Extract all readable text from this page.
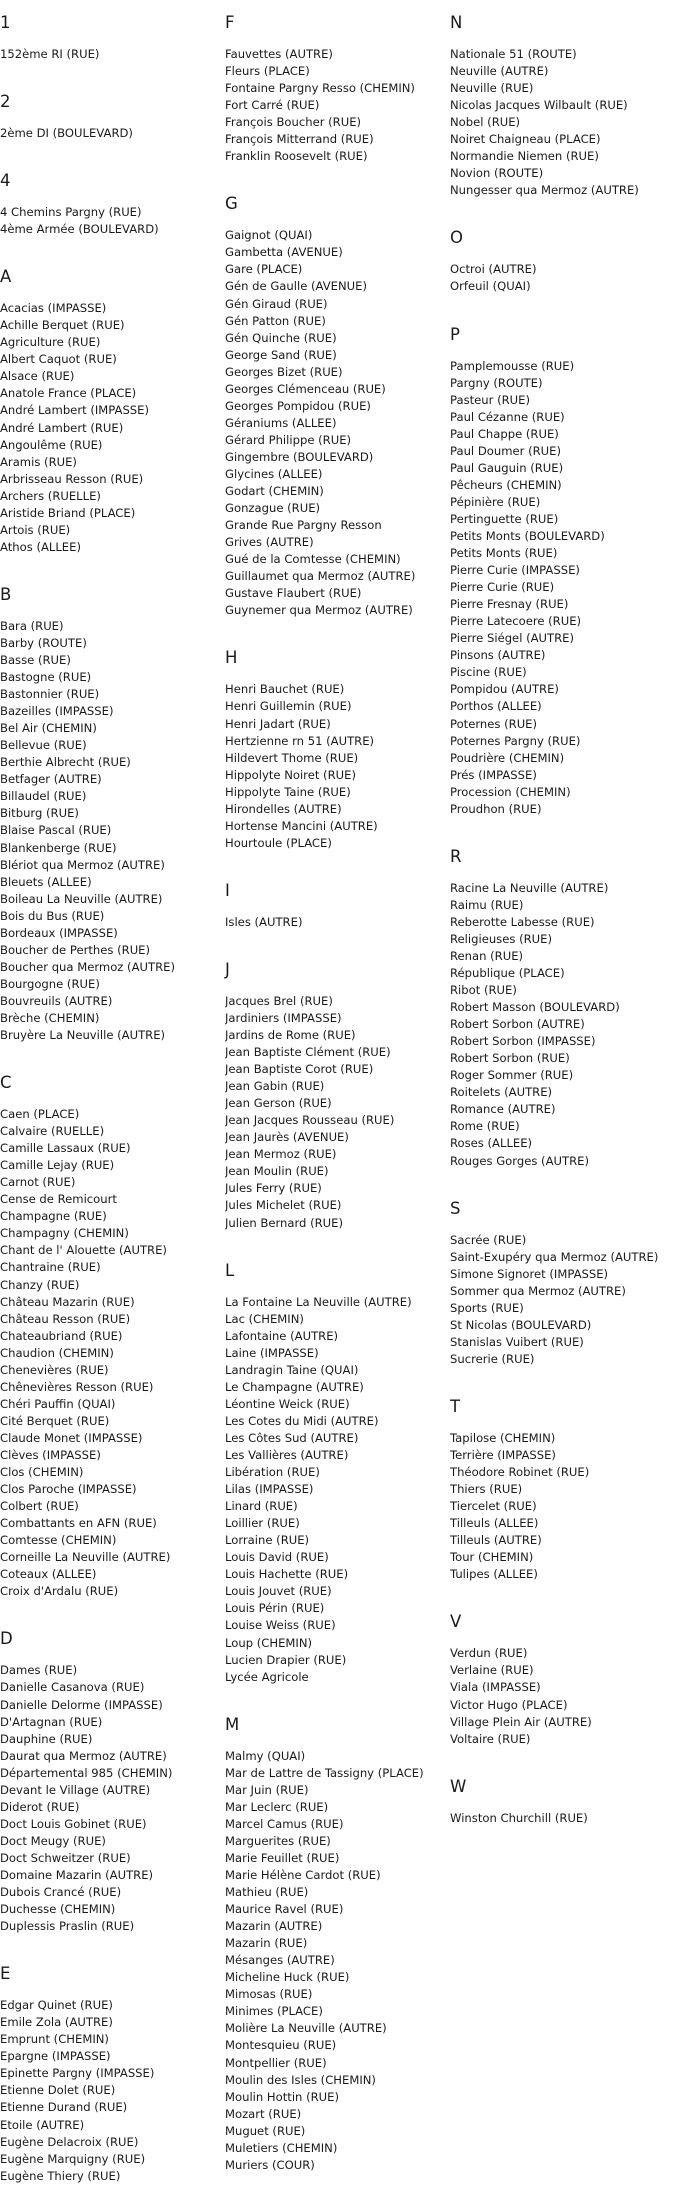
1
152ème RI (RUE)
2
2ème DI (BOULEVARD)
4
4 Chemins Pargny (RUE)
4ème Armée (BOULEVARD)
A
Acacias (IMPASSE)
Achille Berquet (RUE)
Agriculture (RUE)
Albert Caquot (RUE)
Alsace (RUE)
Anatole France (PLACE)
André Lambert (IMPASSE)
André Lambert (RUE)
Angoulême (RUE)
Aramis (RUE)
Arbrisseau Resson (RUE)
Archers (RUELLE)
Aristide Briand (PLACE)
Artois (RUE)
Athos (ALLEE)
B
Bara (RUE)
Barby (ROUTE)
Basse (RUE)
Bastogne (RUE)
Bastonnier (RUE)
Bazeilles (IMPASSE)
Bel Air (CHEMIN)
Bellevue (RUE)
Berthie Albrecht (RUE)
Betfager (AUTRE)
Billaudel (RUE)
Bitburg (RUE)
Blaise Pascal (RUE)
Blankenberge (RUE)
Blériot qua Mermoz (AUTRE)
Bleuets (ALLEE)
Boileau La Neuville (AUTRE)
Bois du Bus (RUE)
Bordeaux (IMPASSE)
Boucher de Perthes (RUE)
Boucher qua Mermoz (AUTRE)
Bourgogne (RUE)
Bouvreuils (AUTRE)
Brèche (CHEMIN)
Bruyère La Neuville (AUTRE)
C
Caen (PLACE)
Calvaire (RUELLE)
Camille Lassaux (RUE)
Camille Lejay (RUE)
Carnot (RUE)
Cense de Remicourt
Champagne (RUE)
Champagny (CHEMIN)
Chant de l' Alouette (AUTRE)
Chantraine (RUE)
Chanzy (RUE)
Château Mazarin (RUE)
Château Resson (RUE)
Chateaubriand (RUE)
Chaudion (CHEMIN)
Chenevières (RUE)
Chênevières Resson (RUE)
Chéri Pauffin (QUAI)
Cité Berquet (RUE)
Claude Monet (IMPASSE)
Clèves (IMPASSE)
Clos (CHEMIN)
Clos Paroche (IMPASSE)
Colbert (RUE)
Combattants en AFN (RUE)
Comtesse (CHEMIN)
Corneille La Neuville (AUTRE)
Coteaux (ALLEE)
Croix d'Ardalu (RUE)
D
Dames (RUE)
Danielle Casanova (RUE)
Danielle Delorme (IMPASSE)
D'Artagnan (RUE)
Dauphine (RUE)
Daurat qua Mermoz (AUTRE)
Départemental 985 (CHEMIN)
Devant le Village (AUTRE)
Diderot (RUE)
Doct Louis Gobinet (RUE)
Doct Meugy (RUE)
Doct Schweitzer (RUE)
Domaine Mazarin (AUTRE)
Dubois Crancé (RUE)
Duchesse (CHEMIN)
Duplessis Praslin (RUE)
E
Edgar Quinet (RUE)
Emile Zola (AUTRE)
Emprunt (CHEMIN)
Epargne (IMPASSE)
Epinette Pargny (IMPASSE)
Etienne Dolet (RUE)
Etienne Durand (RUE)
Etoile (AUTRE)
Eugène Delacroix (RUE)
Eugène Marquigny (RUE)
Eugène Thiery (RUE)
F
Fauvettes (AUTRE)
Fleurs (PLACE)
Fontaine Pargny Resso (CHEMIN)
Fort Carré (RUE)
François Boucher (RUE)
François Mitterrand (RUE)
Franklin Roosevelt (RUE)
G
Gaignot (QUAI)
Gambetta (AVENUE)
Gare (PLACE)
Gén de Gaulle (AVENUE)
Gén Giraud (RUE)
Gén Patton (RUE)
Gén Quinche (RUE)
George Sand (RUE)
Georges Bizet (RUE)
Georges Clémenceau (RUE)
Georges Pompidou (RUE)
Géraniums (ALLEE)
Gérard Philippe (RUE)
Gingembre (BOULEVARD)
Glycines (ALLEE)
Godart (CHEMIN)
Gonzague (RUE)
Grande Rue Pargny Resson
Grives (AUTRE)
Gué de la Comtesse (CHEMIN)
Guillaumet qua Mermoz (AUTRE)
Gustave Flaubert (RUE)
Guynemer qua Mermoz (AUTRE)
H
Henri Bauchet (RUE)
Henri Guillemin (RUE)
Henri Jadart (RUE)
Hertzienne rn 51 (AUTRE)
Hildevert Thome (RUE)
Hippolyte Noiret (RUE)
Hippolyte Taine (RUE)
Hirondelles (AUTRE)
Hortense Mancini (AUTRE)
Hourtoule (PLACE)
I
Isles (AUTRE)
J
Jacques Brel (RUE)
Jardiniers (IMPASSE)
Jardins de Rome (RUE)
Jean Baptiste Clément (RUE)
Jean Baptiste Corot (RUE)
Jean Gabin (RUE)
Jean Gerson (RUE)
Jean Jacques Rousseau (RUE)
Jean Jaurès (AVENUE)
Jean Mermoz (RUE)
Jean Moulin (RUE)
Jules Ferry (RUE)
Jules Michelet (RUE)
Julien Bernard (RUE)
L
La Fontaine La Neuville (AUTRE)
Lac (CHEMIN)
Lafontaine (AUTRE)
Laine (IMPASSE)
Landragin Taine (QUAI)
Le Champagne (AUTRE)
Léontine Weick (RUE)
Les Cotes du Midi (AUTRE)
Les Côtes Sud (AUTRE)
Les Vallières (AUTRE)
Libération (RUE)
Lilas (IMPASSE)
Linard (RUE)
Loillier (RUE)
Lorraine (RUE)
Louis David (RUE)
Louis Hachette (RUE)
Louis Jouvet (RUE)
Louis Périn (RUE)
Louise Weiss (RUE)
Loup (CHEMIN)
Lucien Drapier (RUE)
Lycée Agricole
M
Malmy (QUAI)
Mar de Lattre de Tassigny (PLACE)
Mar Juin (RUE)
Mar Leclerc (RUE)
Marcel Camus (RUE)
Marguerites (RUE)
Marie Feuillet (RUE)
Marie Hélène Cardot (RUE)
Mathieu (RUE)
Maurice Ravel (RUE)
Mazarin (AUTRE)
Mazarin (RUE)
Mésanges (AUTRE)
Micheline Huck (RUE)
Mimosas (RUE)
Minimes (PLACE)
Molière La Neuville (AUTRE)
Montesquieu (RUE)
Montpellier (RUE)
Moulin des Isles (CHEMIN)
Moulin Hottin (RUE)
Mozart (RUE)
Muguet (RUE)
Muletiers (CHEMIN)
Muriers (COUR)
N
Nationale 51 (ROUTE)
Neuville (AUTRE)
Neuville (RUE)
Nicolas Jacques Wilbault (RUE)
Nobel (RUE)
Noiret Chaigneau (PLACE)
Normandie Niemen (RUE)
Novion (ROUTE)
Nungesser qua Mermoz (AUTRE)
O
Octroi (AUTRE)
Orfeuil (QUAI)
P
Pamplemousse (RUE)
Pargny (ROUTE)
Pasteur (RUE)
Paul Cézanne (RUE)
Paul Chappe (RUE)
Paul Doumer (RUE)
Paul Gauguin (RUE)
Pêcheurs (CHEMIN)
Pépinière (RUE)
Pertinguette (RUE)
Petits Monts (BOULEVARD)
Petits Monts (RUE)
Pierre Curie (IMPASSE)
Pierre Curie (RUE)
Pierre Fresnay (RUE)
Pierre Latecoere (RUE)
Pierre Siégel (AUTRE)
Pinsons (AUTRE)
Piscine (RUE)
Pompidou (AUTRE)
Porthos (ALLEE)
Poternes (RUE)
Poternes Pargny (RUE)
Poudrière (CHEMIN)
Prés (IMPASSE)
Procession (CHEMIN)
Proudhon (RUE)
R
Racine La Neuville (AUTRE)
Raimu (RUE)
Reberotte Labesse (RUE)
Religieuses (RUE)
Renan (RUE)
République (PLACE)
Ribot (RUE)
Robert Masson (BOULEVARD)
Robert Sorbon (AUTRE)
Robert Sorbon (IMPASSE)
Robert Sorbon (RUE)
Roger Sommer (RUE)
Roitelets (AUTRE)
Romance (AUTRE)
Rome (RUE)
Roses (ALLEE)
Rouges Gorges (AUTRE)
S
Sacrée (RUE)
Saint-Exupéry qua Mermoz (AUTRE)
Simone Signoret (IMPASSE)
Sommer qua Mermoz (AUTRE)
Sports (RUE)
St Nicolas (BOULEVARD)
Stanislas Vuibert (RUE)
Sucrerie (RUE)
T
Tapilose (CHEMIN)
Terrière (IMPASSE)
Théodore Robinet (RUE)
Thiers (RUE)
Tiercelet (RUE)
Tilleuls (ALLEE)
Tilleuls (AUTRE)
Tour (CHEMIN)
Tulipes (ALLEE)
V
Verdun (RUE)
Verlaine (RUE)
Viala (IMPASSE)
Victor Hugo (PLACE)
Village Plein Air (AUTRE)
Voltaire (RUE)
W
Winston Churchill (RUE)
